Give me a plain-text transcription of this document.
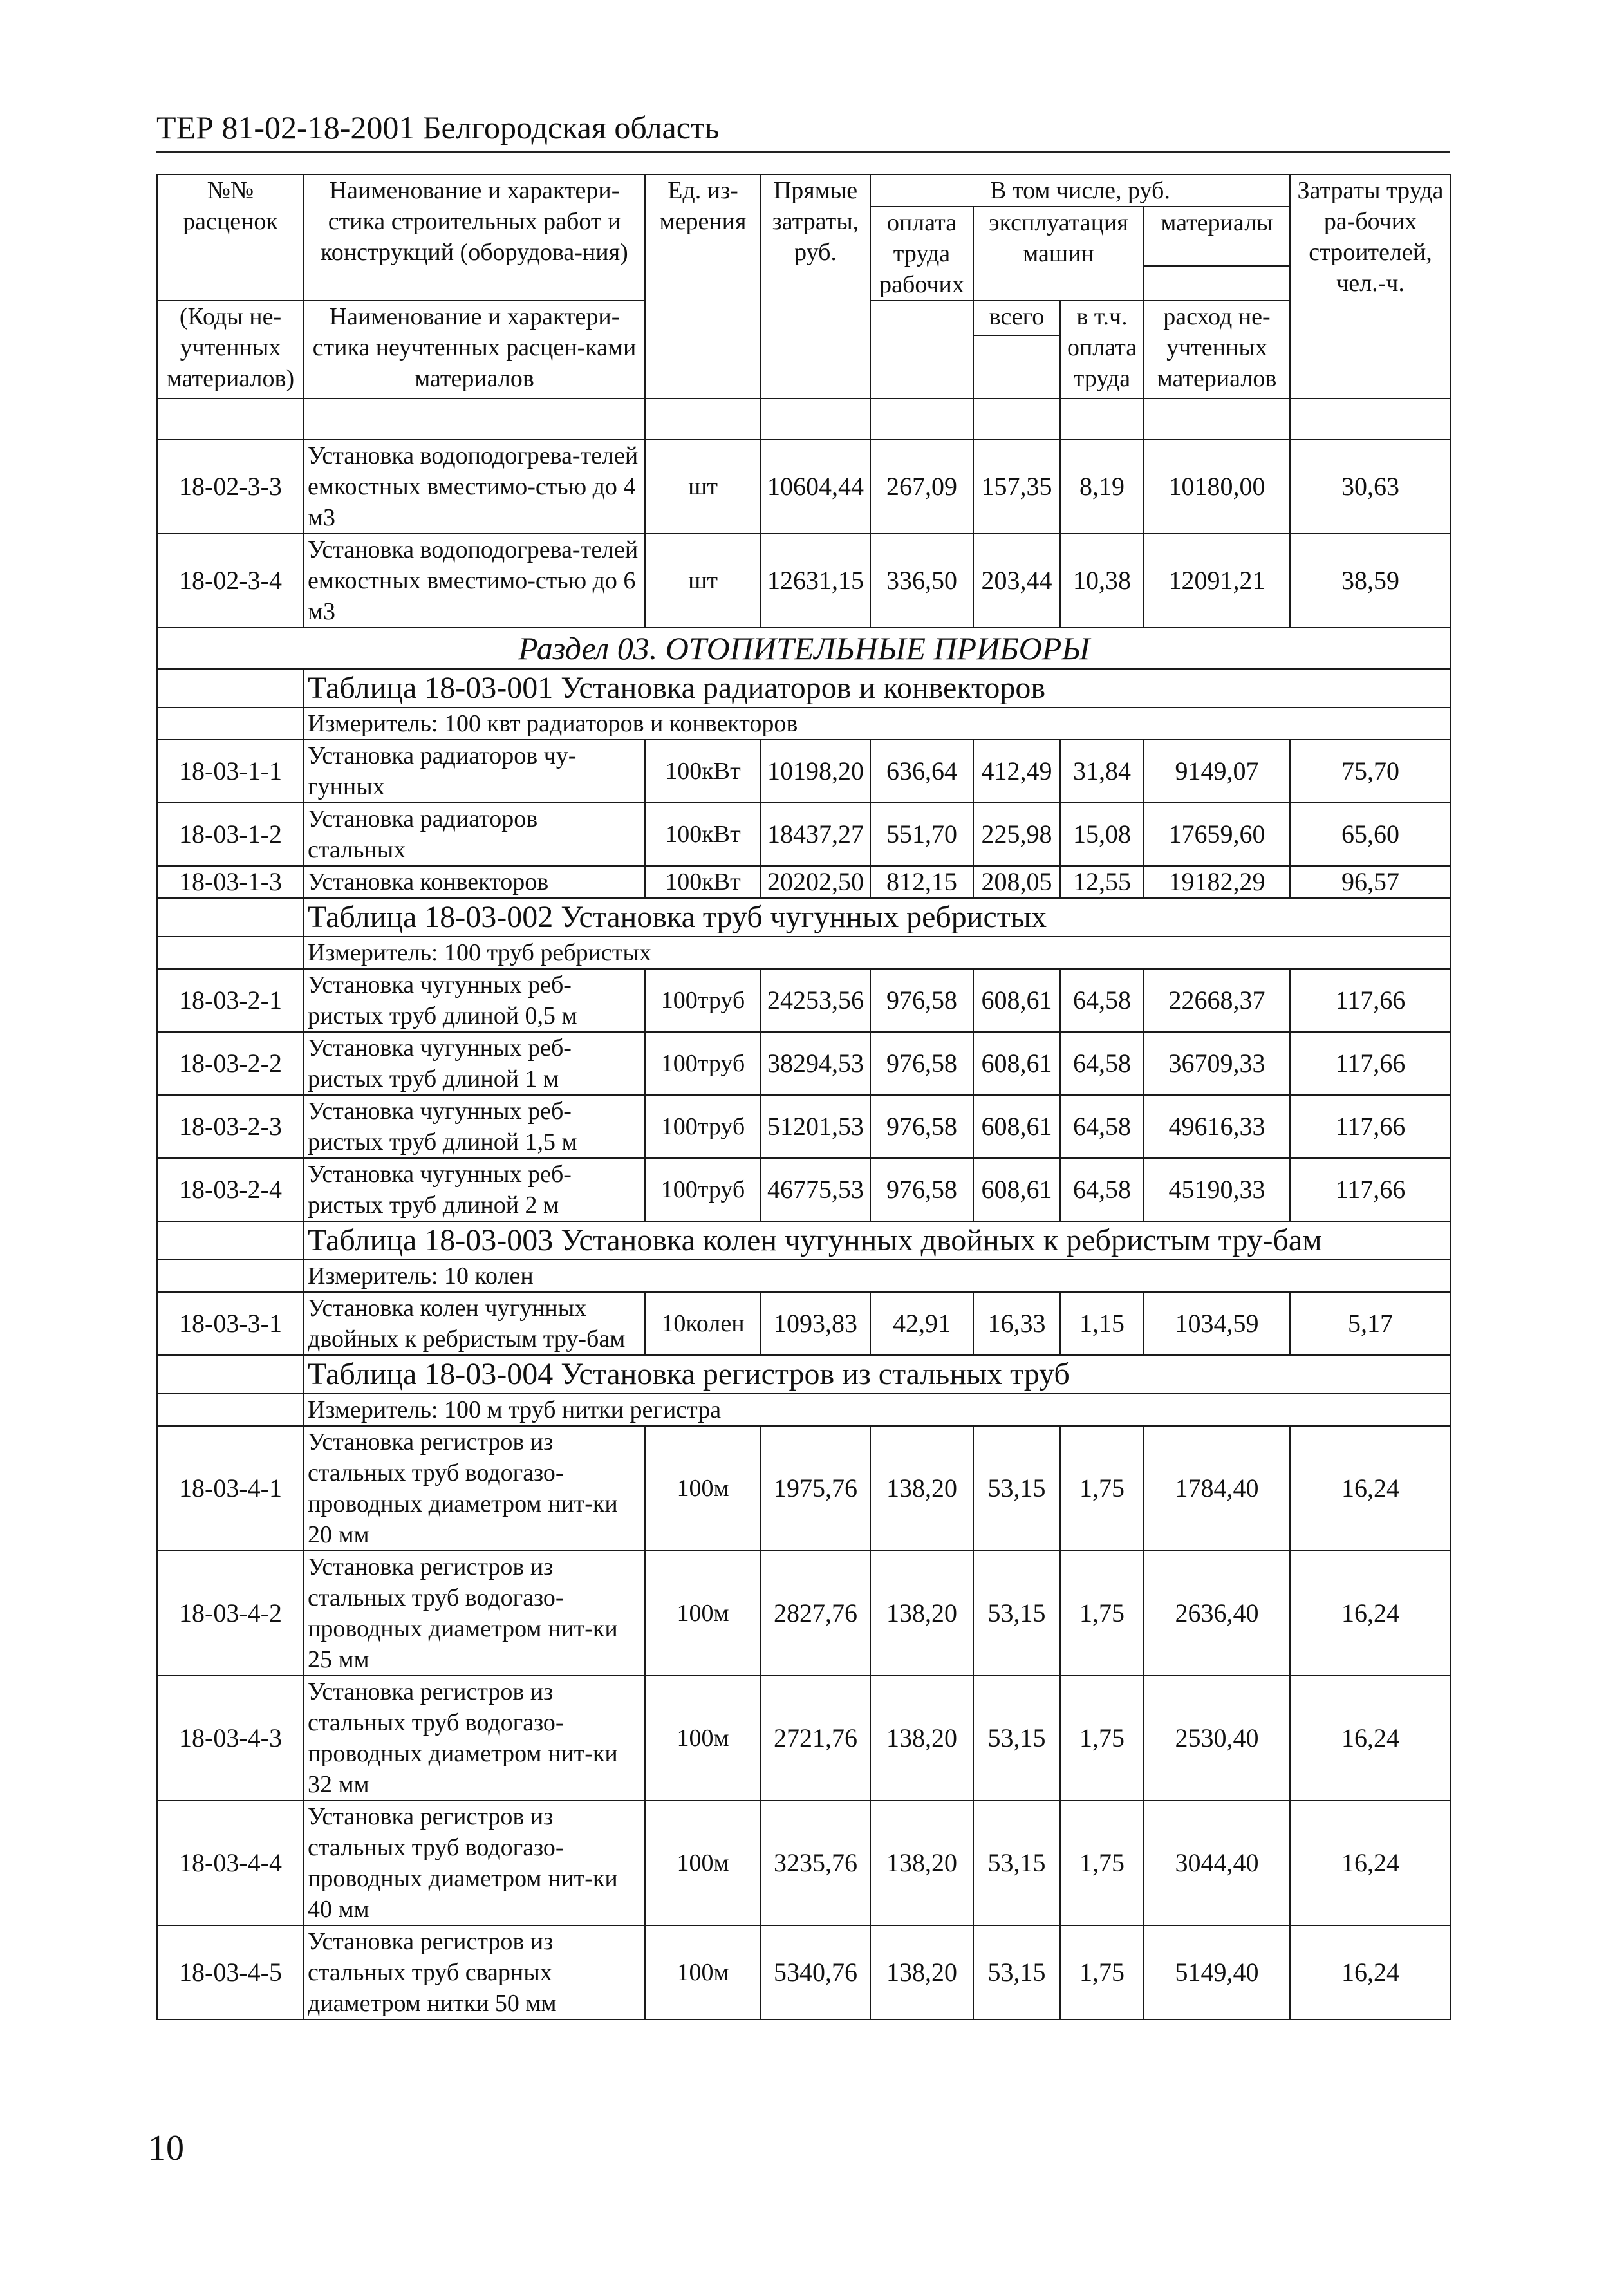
ТЕР 81-02-18-2001 Белгородская область
№№ расценок	Наименование и характери-стика строительных работ и конструкций (оборудова-ния)	Ед. из-мерения	Прямые затраты, руб.	В том числе, руб.				Затраты труда ра-бочих строителей, чел.-ч.
				оплата труда рабочих	эксплуатация машин		материалы	

(Коды не-учтенных материалов)	Наименование и характери-стика неучтенных расцен-ками материалов				всего	в т.ч. оплата труда	расход не-учтенных материалов	

18-02-3-3	Установка водоподогрева-телей емкостных вместимо-стью до 4 м3	шт	10604,44	267,09	157,35	8,19	10180,00	30,63
18-02-3-4	Установка водоподогрева-телей емкостных вместимо-стью до 6 м3	шт	12631,15	336,50	203,44	10,38	12091,21	38,59
Раздел 03. ОТОПИТЕЛЬНЫЕ ПРИБОРЫ								
	Таблица 18-03-001 Установка радиаторов и конвекторов							
	Измеритель: 100 квт радиаторов и конвекторов							
18-03-1-1	Установка радиаторов чу-гунных	100кВт	10198,20	636,64	412,49	31,84	9149,07	75,70
18-03-1-2	Установка радиаторов стальных	100кВт	18437,27	551,70	225,98	15,08	17659,60	65,60
18-03-1-3	Установка конвекторов	100кВт	20202,50	812,15	208,05	12,55	19182,29	96,57
	Таблица 18-03-002 Установка труб чугунных ребристых							
	Измеритель: 100 труб ребристых							
18-03-2-1	Установка чугунных реб-ристых труб длиной 0,5 м	100труб	24253,56	976,58	608,61	64,58	22668,37	117,66
18-03-2-2	Установка чугунных реб-ристых труб длиной 1 м	100труб	38294,53	976,58	608,61	64,58	36709,33	117,66
18-03-2-3	Установка чугунных реб-ристых труб длиной 1,5 м	100труб	51201,53	976,58	608,61	64,58	49616,33	117,66
18-03-2-4	Установка чугунных реб-ристых труб длиной 2 м	100труб	46775,53	976,58	608,61	64,58	45190,33	117,66
	Таблица 18-03-003 Установка колен чугунных двойных к ребристым тру-бам							
	Измеритель: 10 колен							
18-03-3-1	Установка колен чугунных двойных к ребристым тру-бам	10колен	1093,83	42,91	16,33	1,15	1034,59	5,17
	Таблица 18-03-004 Установка регистров из стальных труб							
	Измеритель: 100 м труб нитки регистра							
18-03-4-1	Установка регистров из стальных труб водогазо-проводных диаметром нит-ки 20 мм	100м	1975,76	138,20	53,15	1,75	1784,40	16,24
18-03-4-2	Установка регистров из стальных труб водогазо-проводных диаметром нит-ки 25 мм	100м	2827,76	138,20	53,15	1,75	2636,40	16,24
18-03-4-3	Установка регистров из стальных труб водогазо-проводных диаметром нит-ки 32 мм	100м	2721,76	138,20	53,15	1,75	2530,40	16,24
18-03-4-4	Установка регистров из стальных труб водогазо-проводных диаметром нит-ки 40 мм	100м	3235,76	138,20	53,15	1,75	3044,40	16,24
18-03-4-5	Установка регистров из стальных труб сварных диаметром нитки 50 мм	100м	5340,76	138,20	53,15	1,75	5149,40	16,24
10
